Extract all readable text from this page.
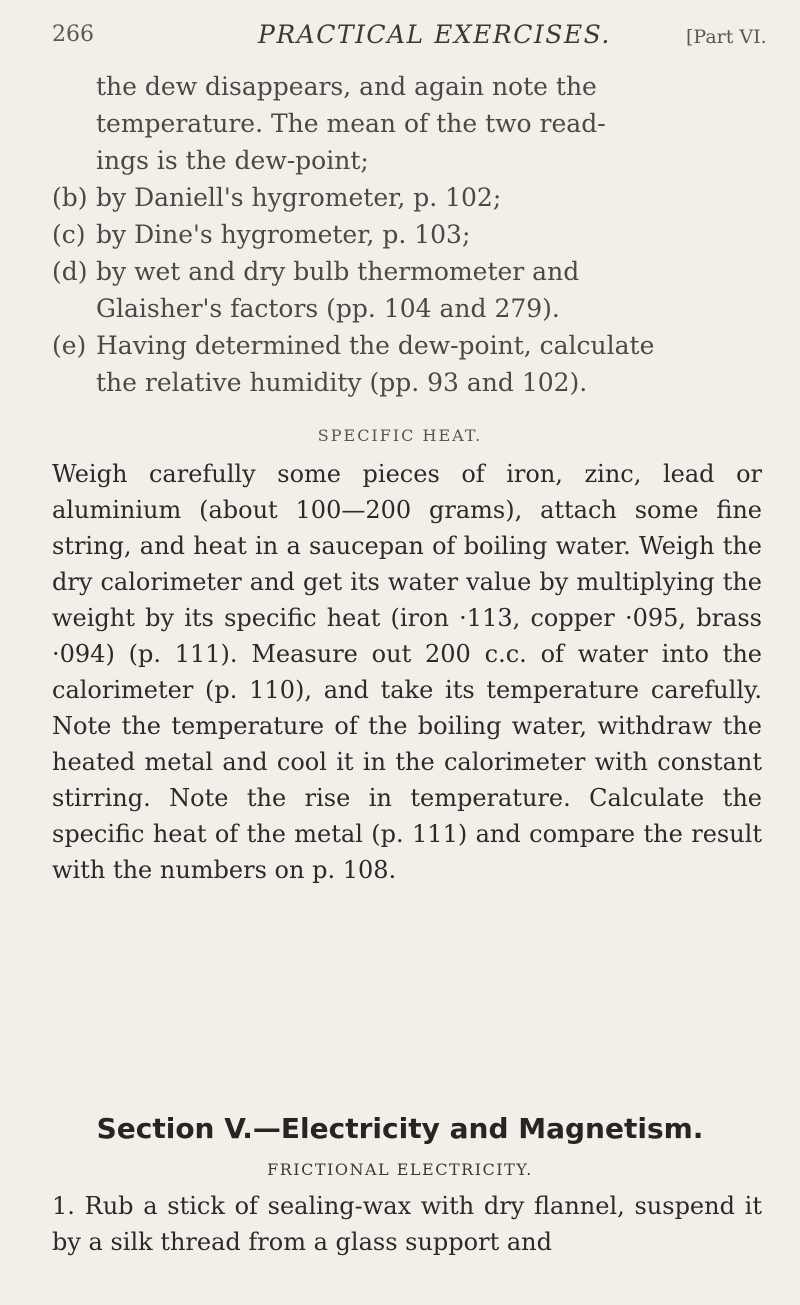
266	PRACTICAL EXERCISES.	[Part VI.
the dew disappears, and again note the
temperature. The mean of the two read-
ings is the dew-point;
(b) by Daniell's hygrometer, p. 102;
(c) by Dine's hygrometer, p. 103;
(d) by wet and dry bulb thermometer and
Glaisher's factors (pp. 104 and 279).
(e) Having determined the dew-point, calculate
the relative humidity (pp. 93 and 102).
SPECIFIC HEAT.
Weigh carefully some pieces of iron, zinc, lead or aluminium (about 100—200 grams), attach some fine string, and heat in a saucepan of boiling water. Weigh the dry calorimeter and get its water value by multiplying the weight by its specific heat (iron ·113, copper ·095, brass ·094) (p. 111). Measure out 200 c.c. of water into the calorimeter (p. 110), and take its temperature carefully. Note the temperature of the boiling water, withdraw the heated metal and cool it in the calorimeter with constant stirring. Note the rise in temperature. Calculate the specific heat of the metal (p. 111) and compare the result with the numbers on p. 108.
Section V.—Electricity and Magnetism.
FRICTIONAL ELECTRICITY.
1. Rub a stick of sealing-wax with dry flannel, suspend it by a silk thread from a glass support and
